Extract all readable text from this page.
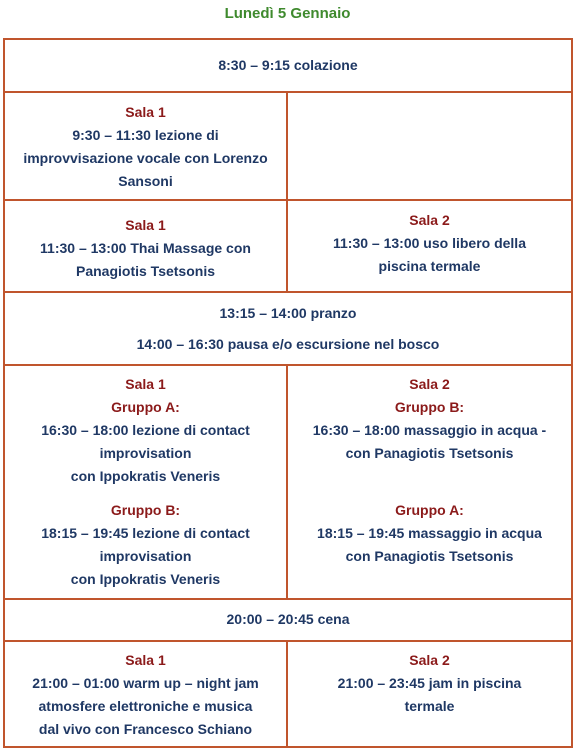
Lunedì 5 Gennaio
8:30 – 9:15 colazione
Sala 1
9:30 – 11:30 lezione di
improvvisazione vocale con Lorenzo
Sansoni
Sala 1
11:30 – 13:00 Thai Massage con
Panagiotis Tsetsonis
Sala 2
11:30 – 13:00 uso libero della
piscina termale
13:15 – 14:00 pranzo
14:00 – 16:30 pausa e/o escursione nel bosco
Sala 1
Gruppo A:
16:30 – 18:00 lezione di contact
improvisation
con Ippokratis Veneris
Gruppo B:
18:15 – 19:45 lezione di contact
improvisation
con Ippokratis Veneris
Sala 2
Gruppo B:
16:30 – 18:00 massaggio in acqua -
con Panagiotis Tsetsonis
Gruppo A:
18:15 – 19:45 massaggio in acqua
con Panagiotis Tsetsonis
20:00 – 20:45 cena
Sala 1
21:00 – 01:00 warm up – night jam
atmosfere elettroniche e musica
dal vivo con Francesco Schiano
Sala 2
21:00 – 23:45 jam in piscina
termale
